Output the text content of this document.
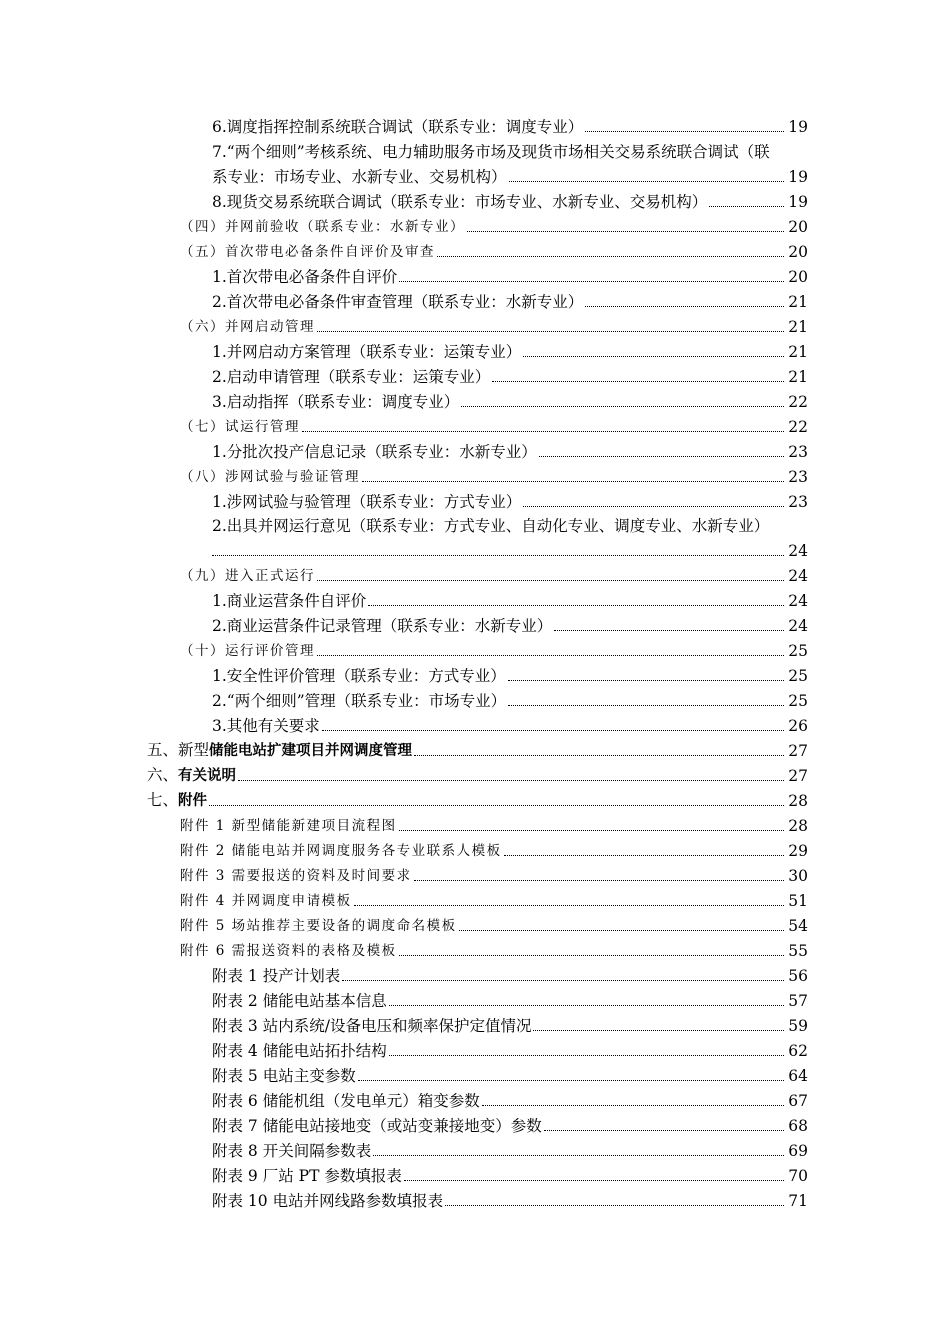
6.调度指挥控制系统联合调试（联系专业：调度专业）	19
7.“两个细则”考核系统、电力辅助服务市场及现货市场相关交易系统联合调试（联
系专业：市场专业、水新专业、交易机构）	19
8.现货交易系统联合调试（联系专业：市场专业、水新专业、交易机构）	19
（四）并网前验收（联系专业：水新专业）	20
（五）首次带电必备条件自评价及审查	20
1.首次带电必备条件自评价	20
2.首次带电必备条件审查管理（联系专业：水新专业）	21
（六）并网启动管理	21
1.并网启动方案管理（联系专业：运策专业）	21
2.启动申请管理（联系专业：运策专业）	21
3.启动指挥（联系专业：调度专业）	22
（七）试运行管理	22
1.分批次投产信息记录（联系专业：水新专业）	23
（八）涉网试验与验证管理	23
1.涉网试验与验管理（联系专业：方式专业）	23
2.出具并网运行意见（联系专业：方式专业、自动化专业、调度专业、水新专业）
24
（九）进入正式运行	24
1.商业运营条件自评价	24
2.商业运营条件记录管理（联系专业：水新专业）	24
（十）运行评价管理	25
1.安全性评价管理（联系专业：方式专业）	25
2.“两个细则”管理（联系专业：市场专业）	25
3.其他有关要求	26
五、新型储能电站扩建项目并网调度管理	27
六、有关说明	27
七、附件	28
附件 1 新型储能新建项目流程图	28
附件 2 储能电站并网调度服务各专业联系人模板	29
附件 3 需要报送的资料及时间要求	30
附件 4 并网调度申请模板	51
附件 5 场站推荐主要设备的调度命名模板	54
附件 6 需报送资料的表格及模板	55
附表 1 投产计划表	56
附表 2 储能电站基本信息	57
附表 3 站内系统/设备电压和频率保护定值情况	59
附表 4 储能电站拓扑结构	62
附表 5 电站主变参数	64
附表 6 储能机组（发电单元）箱变参数	67
附表 7 储能电站接地变（或站变兼接地变）参数	68
附表 8 开关间隔参数表	69
附表 9 厂站 PT 参数填报表	70
附表 10 电站并网线路参数填报表	71
